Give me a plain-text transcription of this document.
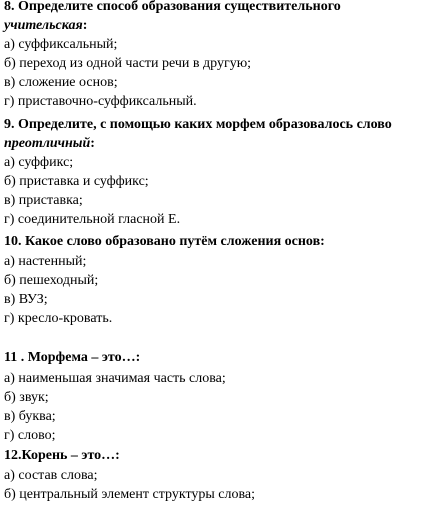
8. Определите способ образования существительного
учительская:
а) суффиксальный;
б) переход из одной части речи в другую;
в) сложение основ;
г) приставочно-суффиксальный.
9. Определите, с помощью каких морфем образовалось слово
преотличный:
а) суффикс;
б) приставка и суффикс;
в) приставка;
г) соединительной гласной Е.
10. Какое слово образовано путём сложения основ:
а) настенный;
б) пешеходный;
в) ВУЗ;
г) кресло-кровать.
11 . Морфема – это…:
а) наименьшая значимая часть слова;
б) звук;
в) буква;
г) слово;
12.Корень – это…:
а) состав слова;
б) центральный элемент структуры слова;
